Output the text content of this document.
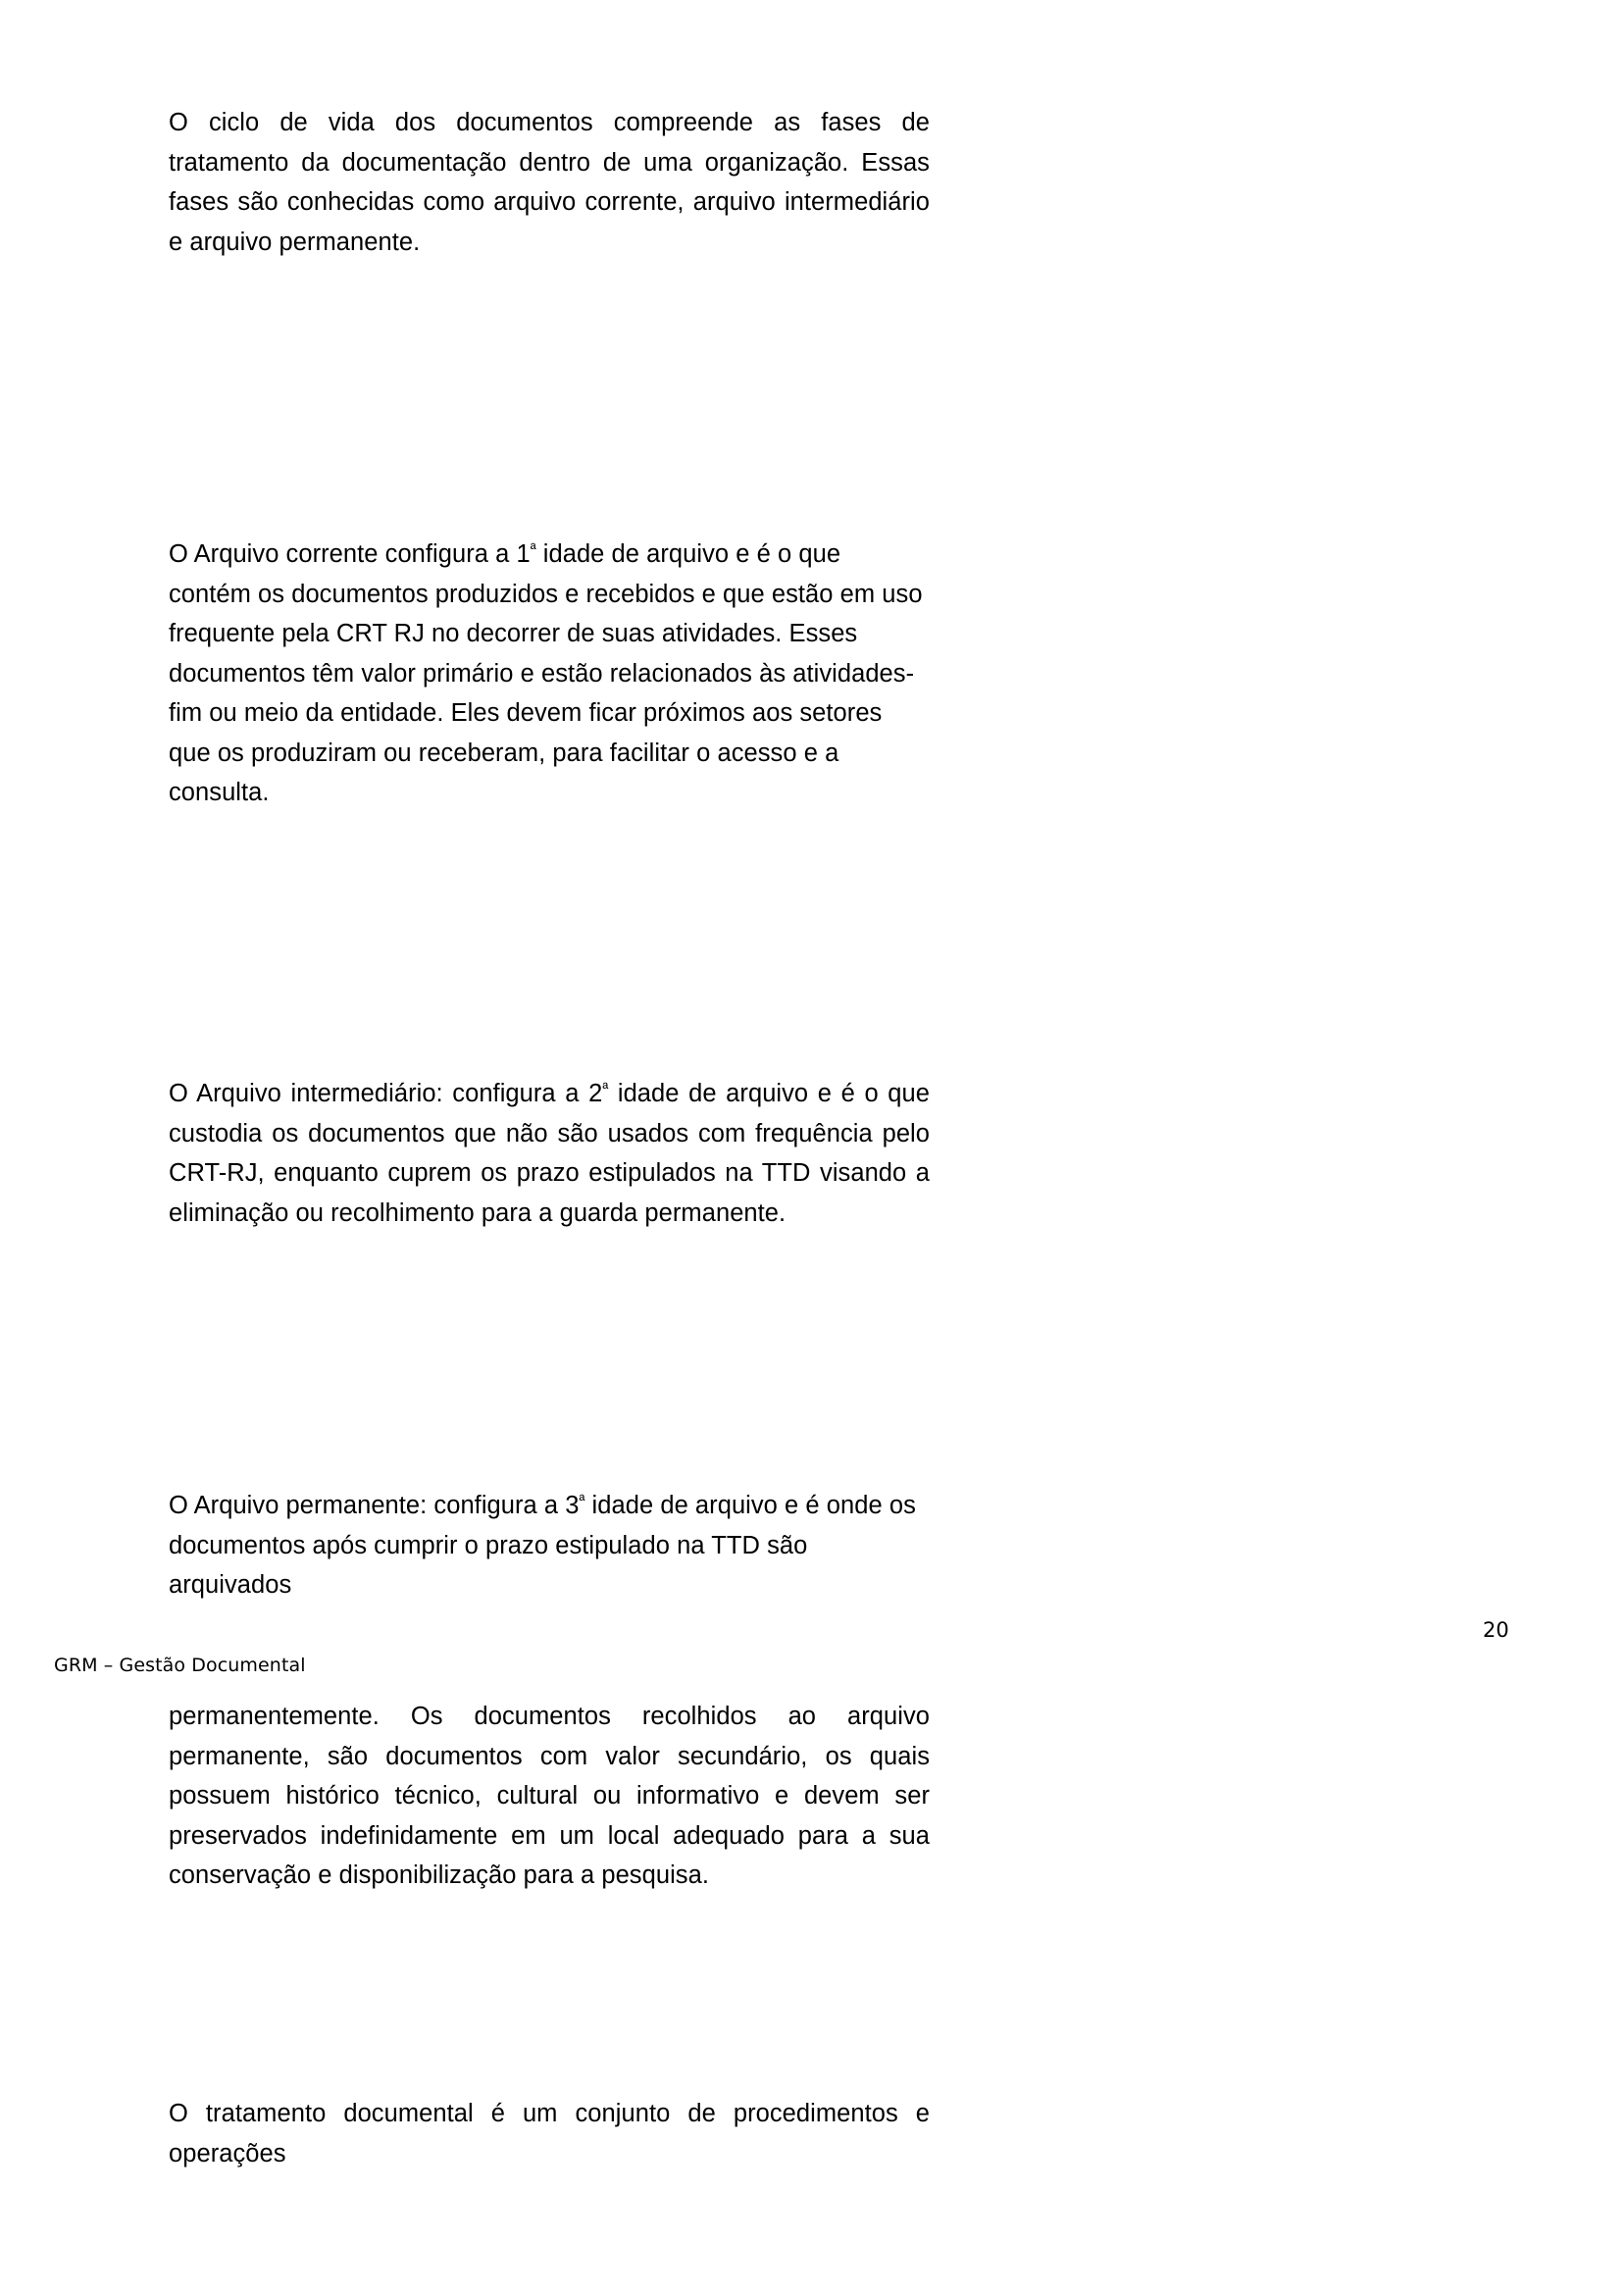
O ciclo de vida dos documentos compreende as fases de tratamento da documentação dentro de uma organização. Essas fases são conhecidas como arquivo corrente, arquivo intermediário e arquivo permanente.

O Arquivo corrente configura a $1^ª$ idade de arquivo e é o que contém os documentos produzidos e recebidos e que estão em uso frequente pela CRT RJ no decorrer de suas atividades. Esses documentos têm valor primário e estão relacionados às atividades-fim ou meio da entidade. Eles devem ficar próximos aos setores que os produziram ou receberam, para facilitar o acesso e a consulta.

O Arquivo intermediário: configura a $2^ª$ idade de arquivo e é o que custodia os documentos que não são usados com frequência pelo CRT-RJ, enquanto cuprem os prazo estipulados na TTD visando a eliminação ou recolhimento para a guarda permanente.

O Arquivo permanente: configura a $3^ª$ idade de arquivo e é onde os documentos após cumprir o prazo estipulado na TTD são arquivados

permanentemente. Os documentos recolhidos ao arquivo permanente, são documentos com valor secundário, os quais possuem histórico técnico, cultural ou informativo e devem ser preservados indefinidamente em um local adequado para a sua conservação e disponibilização para a pesquisa.

O tratamento documental é um conjunto de procedimentos e operações

GRM – Gestão Documental
20
